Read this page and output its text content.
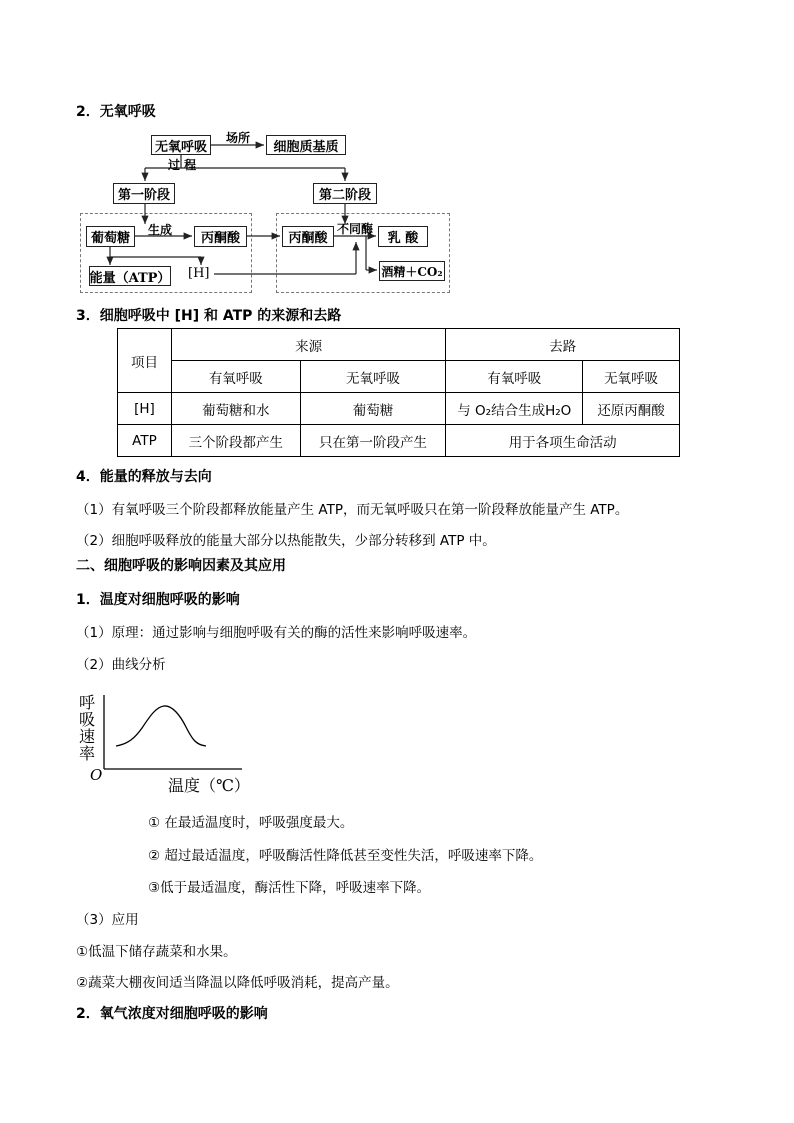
2．无氧呼吸
无氧呼吸
场所
细胞质基质
过 程
第一阶段	第二阶段
葡萄糖
生成
丙酮酸
能量（ATP） [H]
丙酮酸
不同酶
乳 酸
酒精＋CO₂
3．细胞呼吸中 [H] 和 ATP 的来源和去路
项目	来源		去路	
	有氧呼吸	无氧呼吸	有氧呼吸	无氧呼吸
[H]	葡萄糖和水	葡萄糖	与 O₂结合生成H₂O	还原丙酮酸
ATP	三个阶段都产生	只在第一阶段产生	用于各项生命活动	
4．能量的释放与去向
（1）有氧呼吸三个阶段都释放能量产生 ATP，而无氧呼吸只在第一阶段释放能量产生 ATP。
（2）细胞呼吸释放的能量大部分以热能散失，少部分转移到 ATP 中。
二、细胞呼吸的影响因素及其应用
1．温度对细胞呼吸的影响
（1）原理：通过影响与细胞呼吸有关的酶的活性来影响呼吸速率。
（2）曲线分析
呼
吸
速
率
O
温度（℃）
① 在最适温度时，呼吸强度最大。
② 超过最适温度，呼吸酶活性降低甚至变性失活，呼吸速率下降。
③低于最适温度，酶活性下降，呼吸速率下降。
（3）应用
①低温下储存蔬菜和水果。
②蔬菜大棚夜间适当降温以降低呼吸消耗，提高产量。
2．氧气浓度对细胞呼吸的影响
